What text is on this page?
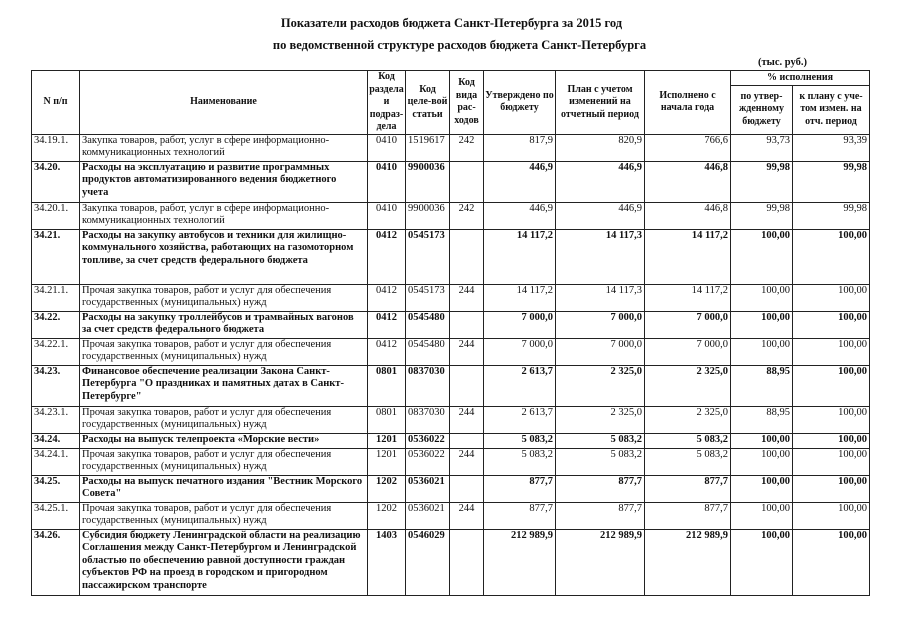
Показатели расходов бюджета Санкт-Петербурга за 2015 год
по ведомственной структуре расходов бюджета Санкт-Петербурга
(тыс. руб.)
N п/п	Наименование	Код раздела и подраз-дела	Код целе-вой статьи	Код вида рас-ходов	Утверждено по бюджету	План с учетом изменений на отчетный период	Исполнено с начала года	% исполнения	
								по утвер-жденному бюджету	к плану с уче-том измен. на отч. период
34.19.1.	Закупка товаров, работ, услуг в сфере информационно-коммуникационных технологий	0410	1519617	242	817,9	820,9	766,6	93,73	93,39
34.20.	Расходы на эксплуатацию и развитие программных продуктов автоматизированного ведения бюджетного учета	0410	9900036		446,9	446,9	446,8	99,98	99,98
34.20.1.	Закупка товаров, работ, услуг в сфере информационно-коммуникационных технологий	0410	9900036	242	446,9	446,9	446,8	99,98	99,98
34.21.	Расходы на закупку автобусов и техники для жилищно-коммунального хозяйства, работающих на газомоторном топливе, за счет средств федерального бюджета	0412	0545173		14 117,2	14 117,3	14 117,2	100,00	100,00
34.21.1.	Прочая закупка товаров, работ и услуг для обеспечения государственных (муниципальных) нужд	0412	0545173	244	14 117,2	14 117,3	14 117,2	100,00	100,00
34.22.	Расходы на закупку троллейбусов и трамвайных вагонов за счет средств федерального бюджета	0412	0545480		7 000,0	7 000,0	7 000,0	100,00	100,00
34.22.1.	Прочая закупка товаров, работ и услуг для обеспечения государственных (муниципальных) нужд	0412	0545480	244	7 000,0	7 000,0	7 000,0	100,00	100,00
34.23.	Финансовое обеспечение реализации Закона Санкт-Петербурга "О праздниках и памятных датах в Санкт-Петербурге"	0801	0837030		2 613,7	2 325,0	2 325,0	88,95	100,00
34.23.1.	Прочая закупка товаров, работ и услуг для обеспечения государственных (муниципальных) нужд	0801	0837030	244	2 613,7	2 325,0	2 325,0	88,95	100,00
34.24.	Расходы на выпуск телепроекта «Морские вести»	1201	0536022		5 083,2	5 083,2	5 083,2	100,00	100,00
34.24.1.	Прочая закупка товаров, работ и услуг для обеспечения государственных (муниципальных) нужд	1201	0536022	244	5 083,2	5 083,2	5 083,2	100,00	100,00
34.25.	Расходы на выпуск печатного издания "Вестник Морского Совета"	1202	0536021		877,7	877,7	877,7	100,00	100,00
34.25.1.	Прочая закупка товаров, работ и услуг для обеспечения государственных (муниципальных) нужд	1202	0536021	244	877,7	877,7	877,7	100,00	100,00
34.26.	Субсидия бюджету Ленинградской области на реализацию Соглашения между Санкт-Петербургом и Ленинградской областью по обеспечению равной доступности граждан субъектов РФ на проезд в городском и пригородном пассажирском транспорте	1403	0546029		212 989,9	212 989,9	212 989,9	100,00	100,00
